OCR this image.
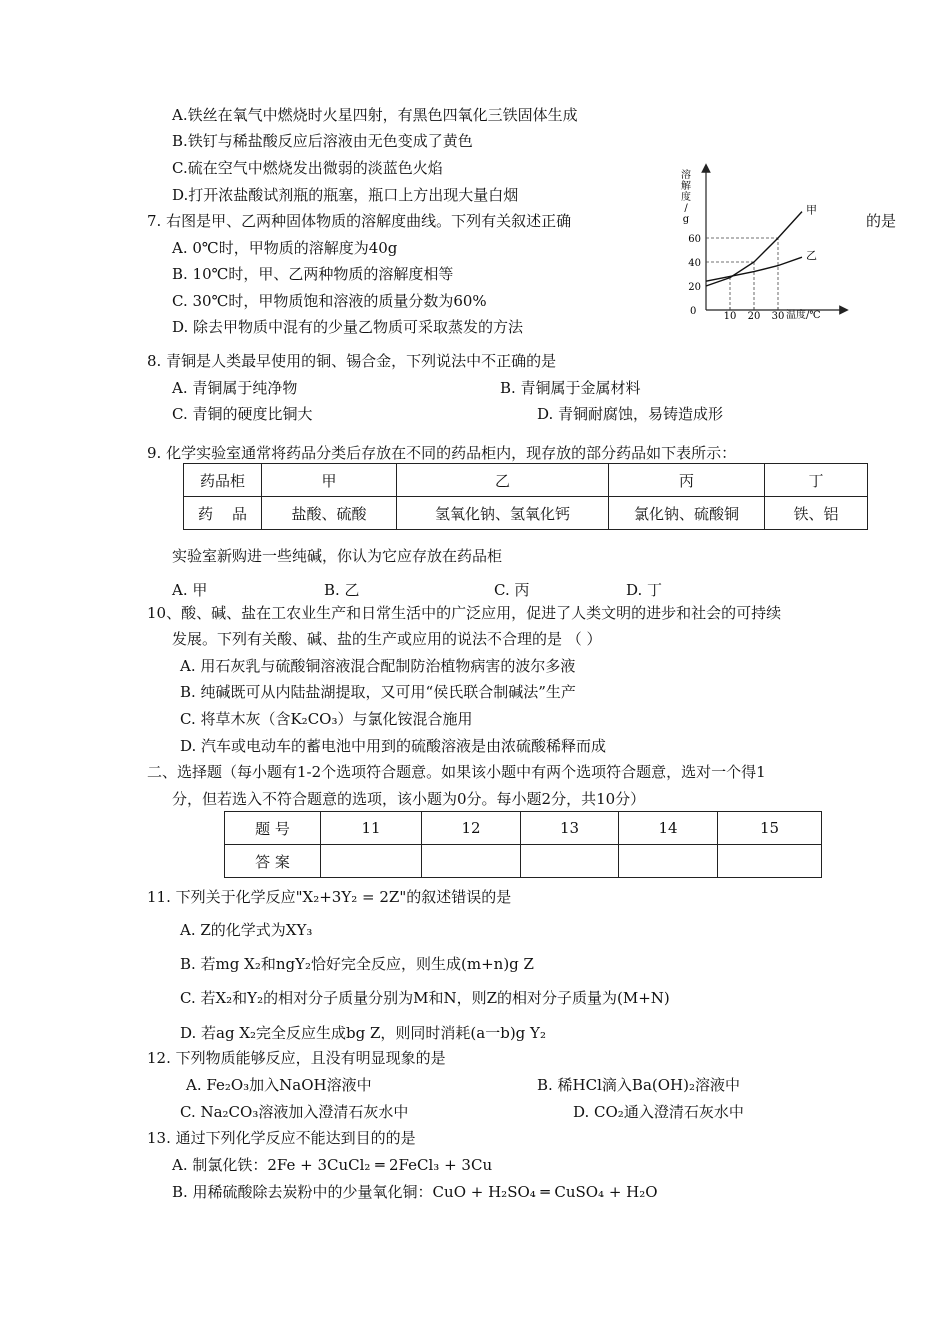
A.铁丝在氧气中燃烧时火星四射，有黑色四氧化三铁固体生成
B.铁钉与稀盐酸反应后溶液由无色变成了黄色
C.硫在空气中燃烧发出微弱的淡蓝色火焰
D.打开浓盐酸试剂瓶的瓶塞，瓶口上方出现大量白烟
7. 右图是甲、乙两种固体物质的溶解度曲线。下列有关叙述正确	的是
A. 0℃时，甲物质的溶解度为40g
B. 10℃时，甲、乙两种物质的溶解度相等
C. 30℃时，甲物质饱和溶液的质量分数为60%
D. 除去甲物质中混有的少量乙物质可采取蒸发的方法
溶
解
度
/
g
温度/℃
0	10 20 30
20
40
60
甲
乙
8. 青铜是人类最早使用的铜、锡合金，下列说法中不正确的是
A. 青铜属于纯净物	B. 青铜属于金属材料
C. 青铜的硬度比铜大	D. 青铜耐腐蚀，易铸造成形
9. 化学实验室通常将药品分类后存放在不同的药品柜内，现存放的部分药品如下表所示：
药品柜	甲	乙	丙	丁
药    品	盐酸、硫酸	氢氧化钠、氢氧化钙	氯化钠、硫酸铜	铁、铝
实验室新购进一些纯碱，你认为它应存放在药品柜
A. 甲	B. 乙	C. 丙	D. 丁
10、酸、碱、盐在工农业生产和日常生活中的广泛应用，促进了人类文明的进步和社会的可持续
发展。下列有关酸、碱、盐的生产或应用的说法不合理的是 （ ）
A. 用石灰乳与硫酸铜溶液混合配制防治植物病害的波尔多液
B. 纯碱既可从内陆盐湖提取，又可用“侯氏联合制碱法”生产
C. 将草木灰（含K₂CO₃）与氯化铵混合施用
D. 汽车或电动车的蓄电池中用到的硫酸溶液是由浓硫酸稀释而成
二、选择题（每小题有1-2个选项符合题意。如果该小题中有两个选项符合题意，选对一个得1
分，但若选入不符合题意的选项，该小题为0分。每小题2分，共10分）
题 号	11	12	13	14	15
答 案					
11. 下列关于化学反应"X₂+3Y₂ = 2Z"的叙述错误的是
A. Z的化学式为XY₃
B. 若mg X₂和ngY₂恰好完全反应，则生成(m+n)g Z
C. 若X₂和Y₂的相对分子质量分别为M和N，则Z的相对分子质量为(M+N)
D. 若ag X₂完全反应生成bg Z，则同时消耗(a一b)g Y₂
12. 下列物质能够反应，且没有明显现象的是
A. Fe₂O₃加入NaOH溶液中	B. 稀HCl滴入Ba(OH)₂溶液中
C. Na₂CO₃溶液加入澄清石灰水中	D. CO₂通入澄清石灰水中
13. 通过下列化学反应不能达到目的的是
A. 制氯化铁：2Fe + 3CuCl₂ ═ 2FeCl₃ + 3Cu
B. 用稀硫酸除去炭粉中的少量氧化铜：CuO + H₂SO₄ ═ CuSO₄ + H₂O
